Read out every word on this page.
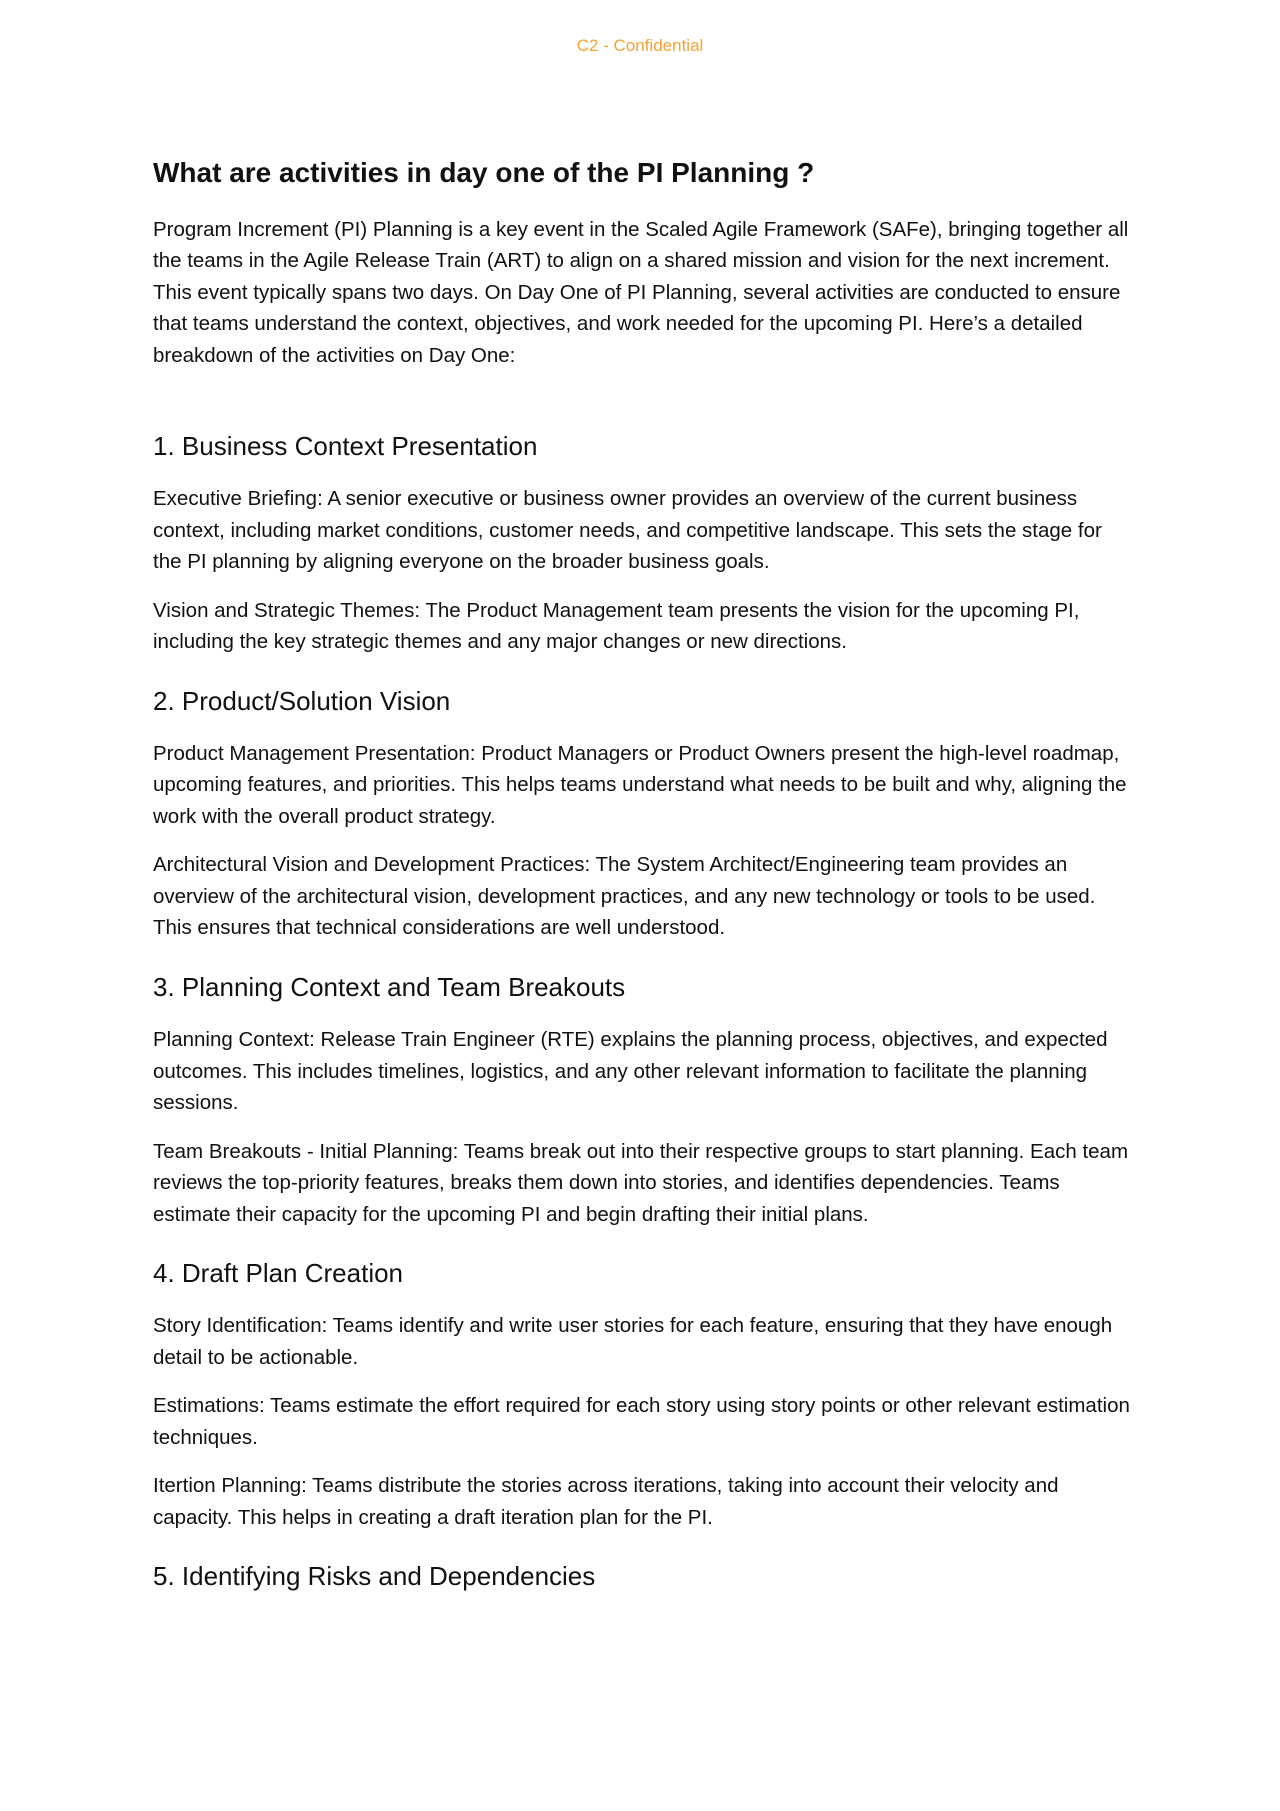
C2 - Confidential
What are activities in day one of the PI Planning ?

Program Increment (PI) Planning is a key event in the Scaled Agile Framework (SAFe), bringing together all the teams in the Agile Release Train (ART) to align on a shared mission and vision for the next increment. This event typically spans two days. On Day One of PI Planning, several activities are conducted to ensure that teams understand the context, objectives, and work needed for the upcoming PI. Here’s a detailed breakdown of the activities on Day One:

1. Business Context Presentation

Executive Briefing: A senior executive or business owner provides an overview of the current business context, including market conditions, customer needs, and competitive landscape. This sets the stage for the PI planning by aligning everyone on the broader business goals.

Vision and Strategic Themes: The Product Management team presents the vision for the upcoming PI, including the key strategic themes and any major changes or new directions.

2. Product/Solution Vision

Product Management Presentation: Product Managers or Product Owners present the high-level roadmap, upcoming features, and priorities. This helps teams understand what needs to be built and why, aligning the work with the overall product strategy.

Architectural Vision and Development Practices: The System Architect/Engineering team provides an overview of the architectural vision, development practices, and any new technology or tools to be used. This ensures that technical considerations are well understood.

3. Planning Context and Team Breakouts

Planning Context: Release Train Engineer (RTE) explains the planning process, objectives, and expected outcomes. This includes timelines, logistics, and any other relevant information to facilitate the planning sessions.

Team Breakouts - Initial Planning: Teams break out into their respective groups to start planning. Each team reviews the top-priority features, breaks them down into stories, and identifies dependencies. Teams estimate their capacity for the upcoming PI and begin drafting their initial plans.

4. Draft Plan Creation

Story Identification: Teams identify and write user stories for each feature, ensuring that they have enough detail to be actionable.

Estimations: Teams estimate the effort required for each story using story points or other relevant estimation techniques.

Itertion Planning: Teams distribute the stories across iterations, taking into account their velocity and capacity. This helps in creating a draft iteration plan for the PI.

5. Identifying Risks and Dependencies
